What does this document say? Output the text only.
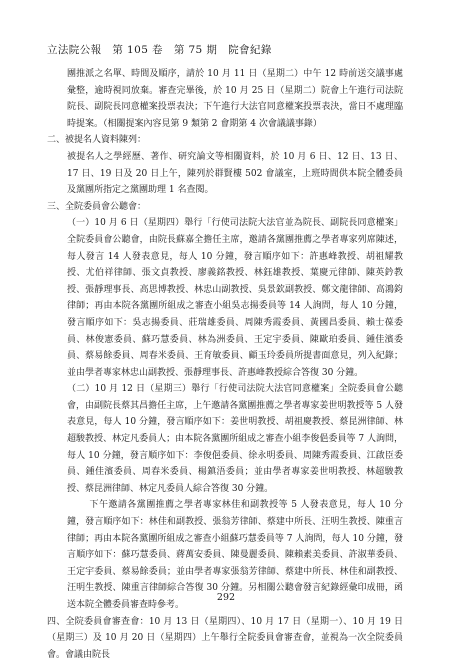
立法院公報　第 105 卷　第 75 期　院會紀錄

團推派之名單、時間及順序，請於 10 月 11 日（星期二）中午 12 時前送交議事處彙整，逾時視同放棄。審查完畢後，於 10 月 25 日（星期二）院會上午進行司法院院長、副院長同意權案投票表決；下午進行大法官同意權案投票表決，當日不處理臨時提案。（相關提案內容見第 9 類第 2 會期第 4 次會議議事錄）

二、被提名人資料陳列：

被提名人之學經歷、著作、研究論文等相關資料，於 10 月 6 日、12 日、13 日、17 日、19 日及 20 日上午，陳列於群賢樓 502 會議室，上班時間供本院全體委員及黨團所指定之黨團助理 1 名查閱。

三、全院委員會公聽會：

（一）10 月 6 日（星期四）舉行「行使司法院大法官並為院長、副院長同意權案」全院委員會公聽會，由院長蘇嘉全擔任主席，邀請各黨團推薦之學者專家列席陳述，每人發言 14 人發表意見，每人 10 分鐘，發言順序如下：許惠峰教授、胡祖耀教授、尤伯祥律師、張文貞教授、廖義銘教授、林鈺雄教授、葉慶元律師、陳英鈐教授、張靜理事長、高思博教授、林忠山副教授、吳景欽副教授、鄭文龍律師、高鴻鈞律師；再由本院各黨團所組成之審查小組吳志揚委員等 14 人詢問，每人 10 分鐘，發言順序如下：吳志揚委員、莊瑞雄委員、周陳秀霞委員、黃國昌委員、賴士葆委員、林俊憲委員、蘇巧慧委員、林為洲委員、王定宇委員、陳歐珀委員、鍾佳濱委員、蔡易餘委員、周春米委員、王育敏委員、顧玉玲委員所提書面意見，列入紀錄；並由學者專家林忠山副教授、張靜理事長、許惠峰教授綜合答復 30 分鐘。

（二）10 月 12 日（星期三）舉行「行使司法院大法官同意權案」全院委員會公聽會，由副院長蔡其昌擔任主席，上午邀請各黨團推薦之學者專家姜世明教授等 5 人發表意見，每人 10 分鐘，發言順序如下：姜世明教授、胡祖慶教授、蔡昆洲律師、林超駿教授、林定凡委員人；由本院各黨團所組成之審查小組李俊俋委員等 7 人詢問，每人 10 分鐘，發言順序如下：李俊俋委員、徐永明委員、周陳秀霞委員、江啟臣委員、鍾佳濱委員、周春米委員、楊鎮浯委員；並由學者專家姜世明教授、林超駿教授、蔡昆洲律師、林定凡委員人綜合答復 30 分鐘。

下午邀請各黨團推薦之學者專家林佳和副教授等 5 人發表意見，每人 10 分鐘，發言順序如下：林佳和副教授、張翁芳律師、蔡建中所長、汪明生教授、陳重言律師；再由本院各黨團所組成之審查小組蘇巧慧委員等 7 人詢問，每人 10 分鐘，發言順序如下：蘇巧慧委員、蔣萬安委員、陳曼麗委員、陳賴素美委員、許淑華委員、王定宇委員、蔡易餘委員；並由學者專家張翁芳律師、蔡建中所長、林佳和副教授、汪明生教授、陳重言律師綜合答復 30 分鐘。另相關公聽會發言紀錄經彙印成冊，函送本院全體委員審查時參考。

四、全院委員會審查會：10 月 13 日（星期四）、10 月 17 日（星期一）、10 月 19 日（星期三）及 10 月 20 日（星期四）上午舉行全院委員會審查會，並視為一次全院委員會。會議由院長

292
